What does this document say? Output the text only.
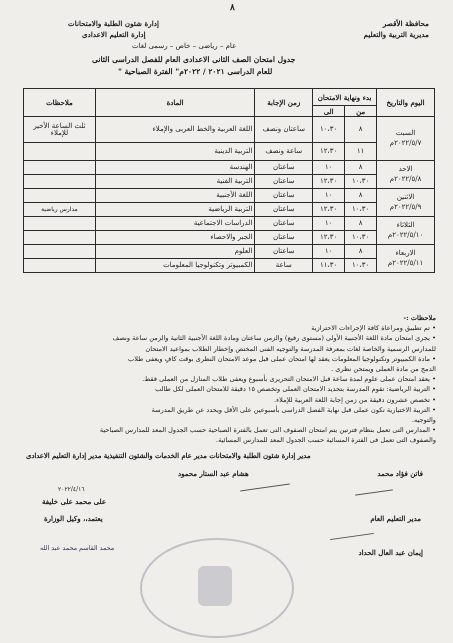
٨
محافظة الأقصر
مديرية التربية والتعليم
إدارة شئون الطلبة والامتحانات
إدارة التعليم الاعدادى
عام – رياضى – خاص – رسمى لغات
جدول امتحان الصف الثانى الاعدادى العام للفصل الدراسى الثانى
للعام الدراسى ٢٠٢١ / ٢٠٢٢م" الفترة الصباحية "
اليوم والتاريخ	بدء ونهاية الامتحان		زمن الإجابة	المادة	ملاحظات
	من	الى			

السبت
٢٠٢٢/٥/٧م	٨	١٠،٣٠	ساعتان ونصف	اللغة العربية والخط العربى والإملاء	ثلث الساعة الأخير للإملاء
	١١	١٢،٣٠	ساعة ونصف	التربية الدينية	

الاحد
٢٠٢٢/٥/٨م	٨	١٠	ساعتان	الهندسة	
	١٠،٣٠	١٢،٣٠	ساعتان	التربية الفنية	

الاثنين
٢٠٢٢/٥/٩م	٨	١٠	ساعتان	اللغة الأجنبية	
	١٠،٣٠	١٢،٣٠	ساعتان	التربية الرياضية	مدارس رياضية

الثلاثاء
٢٠٢٢/٥/١٠م	٨	١٠	ساعتان	الدراسات الاجتماعية	
	١٠،٣٠	١٢،٣٠	ساعتان	الجبر والاحصاء	

الاربعاء
٢٠٢٢/٥/١١م	٨	١٠	ساعتان	العلوم	
	١٠،٣٠	١١،٣٠	ساعة	الكمبيوتر وتكنولوجيا المعلومات	
ملاحظات :-
• تم تطبيق ومراعاة كافة الإجراءات الاحترازية
• يجرى امتحان مادة اللغة الأجنبية الأولى (مستوى رفيع) والزمن ساعتان ومادة اللغة الأجنبية الثانية والزمن ساعة ونصف
للمدارس الرسمية والخاصة لغات بمعرفة المدرسة والتوجيه الفنى المختص وإخطار الطلاب بمواعيد الامتحان
• مادة الكمبيوتر وتكنولوجيا المعلومات يعقد لها امتحان عملى قبل موعد الامتحان النظرى بوقت كافٍ ويعفى طلاب
الدمج من مادة العملى ويمتحن نظرى .
• يعقد امتحان عملى علوم لمدة ساعة قبل الامتحان التحريرى بأسبوع ويعفى طلاب المنازل من العملى فقط.
• التربية الرياضية: تقوم المدرسة بتحديد الامتحان العملى وتخصص ١٥ دقيقة للامتحان العملى لكل طالب
• تخصص عشرون دقيقة من زمن إجابة اللغة العربية للإملاء.
• التربية الاختيارية تكون عملى قبل نهاية الفصل الدراسى بأسبوعين على الأقل ويحدد عن طريق المدرسة
والتوجيه.
• المدارس التى تعمل بنظام فترتين يتم امتحان الصفوف التى تعمل بالفترة الصباحية حسب الجدول المعد للمدارس الصباحية
والصفوف التى تعمل فى الفترة المسائية حسب الجدول المعد للمدارس المسائية.
مدير إدارة شئون الطلبة والامتحانات مدير عام الخدمات والشئون التنفيذية مدير إدارة التعليم الاعدادى
فاتن فؤاد محمد
هشام عبد الستار محمود
على محمد على خليفة
٢٠٢٢/٤/١٦
مدير التعليم العام
يعتمد،، وكيل الوزارة
إيمان عبد العال الحداد
محمد القاسم محمد عبد الله
